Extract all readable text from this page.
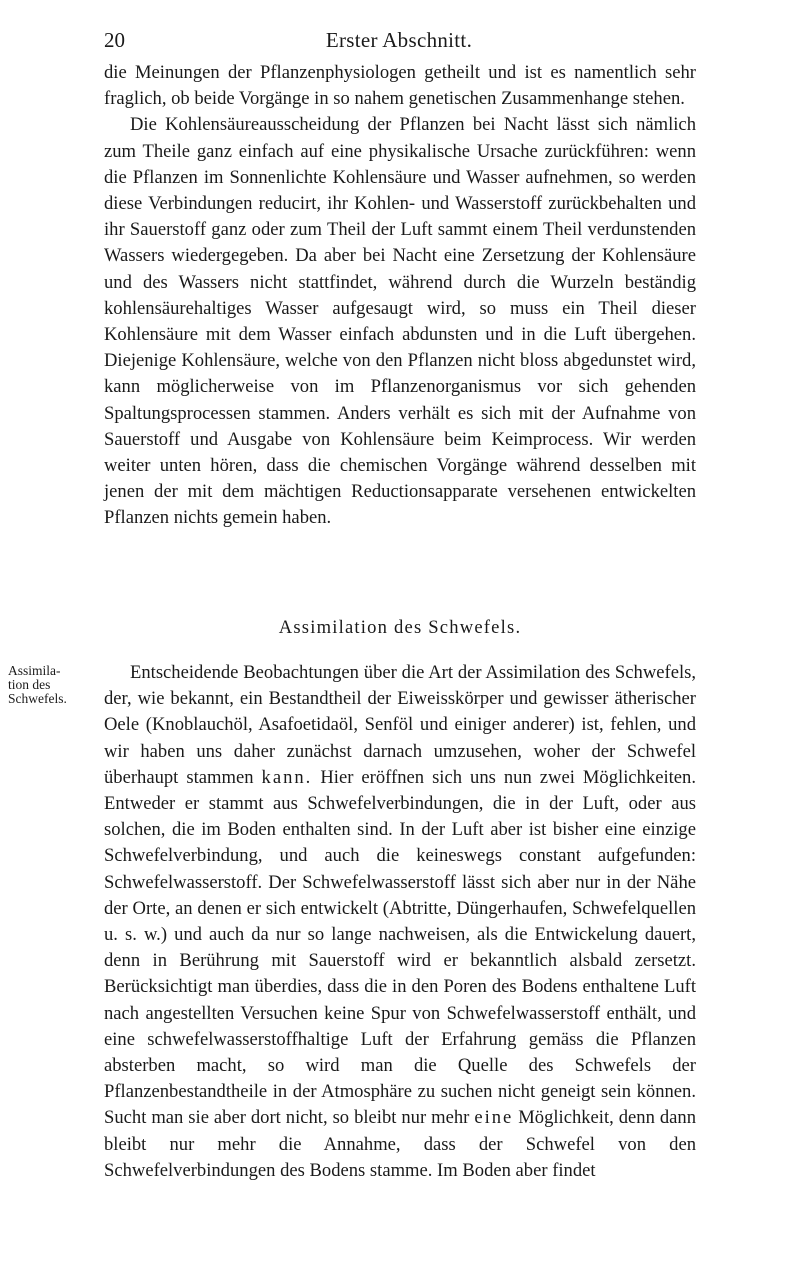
20	Erster Abschnitt.

die Meinungen der Pflanzenphysiologen getheilt und ist es namentlich sehr fraglich, ob beide Vorgänge in so nahem genetischen Zusammenhange stehen.

Die Kohlensäureausscheidung der Pflanzen bei Nacht lässt sich nämlich zum Theile ganz einfach auf eine physikalische Ursache zurückführen: wenn die Pflanzen im Sonnenlichte Kohlensäure und Wasser aufnehmen, so werden diese Verbindungen reducirt, ihr Kohlen- und Wasserstoff zurückbehalten und ihr Sauerstoff ganz oder zum Theil der Luft sammt einem Theil verdunstenden Wassers wiedergegeben. Da aber bei Nacht eine Zersetzung der Kohlensäure und des Wassers nicht stattfindet, während durch die Wurzeln beständig kohlensäurehaltiges Wasser aufgesaugt wird, so muss ein Theil dieser Kohlensäure mit dem Wasser einfach abdunsten und in die Luft übergehen. Diejenige Kohlensäure, welche von den Pflanzen nicht bloss abgedunstet wird, kann möglicherweise von im Pflanzenorganismus vor sich gehenden Spaltungsprocessen stammen. Anders verhält es sich mit der Aufnahme von Sauerstoff und Ausgabe von Kohlensäure beim Keimprocess. Wir werden weiter unten hören, dass die chemischen Vorgänge während desselben mit jenen der mit dem mächtigen Reductionsapparate versehenen entwickelten Pflanzen nichts gemein haben.

Assimilation des Schwefels.
Assimila-
tion des
Schwefels.

Entscheidende Beobachtungen über die Art der Assimilation des Schwefels, der, wie bekannt, ein Bestandtheil der Eiweisskörper und gewisser ätherischer Oele (Knoblauchöl, Asafoetidaöl, Senföl und einiger anderer) ist, fehlen, und wir haben uns daher zunächst darnach umzusehen, woher der Schwefel überhaupt stammen kann. Hier eröffnen sich uns nun zwei Möglichkeiten. Entweder er stammt aus Schwefelverbindungen, die in der Luft, oder aus solchen, die im Boden enthalten sind. In der Luft aber ist bisher eine einzige Schwefelverbindung, und auch die keineswegs constant aufgefunden: Schwefelwasserstoff. Der Schwefelwasserstoff lässt sich aber nur in der Nähe der Orte, an denen er sich entwickelt (Abtritte, Düngerhaufen, Schwefelquellen u. s. w.) und auch da nur so lange nachweisen, als die Entwickelung dauert, denn in Berührung mit Sauerstoff wird er bekanntlich alsbald zersetzt. Berücksichtigt man überdies, dass die in den Poren des Bodens enthaltene Luft nach angestellten Versuchen keine Spur von Schwefelwasserstoff enthält, und eine schwefelwasserstoffhaltige Luft der Erfahrung gemäss die Pflanzen absterben macht, so wird man die Quelle des Schwefels der Pflanzenbestandtheile in der Atmosphäre zu suchen nicht geneigt sein können. Sucht man sie aber dort nicht, so bleibt nur mehr eine Möglichkeit, denn dann bleibt nur mehr die Annahme, dass der Schwefel von den Schwefelverbindungen des Bodens stamme. Im Boden aber findet
